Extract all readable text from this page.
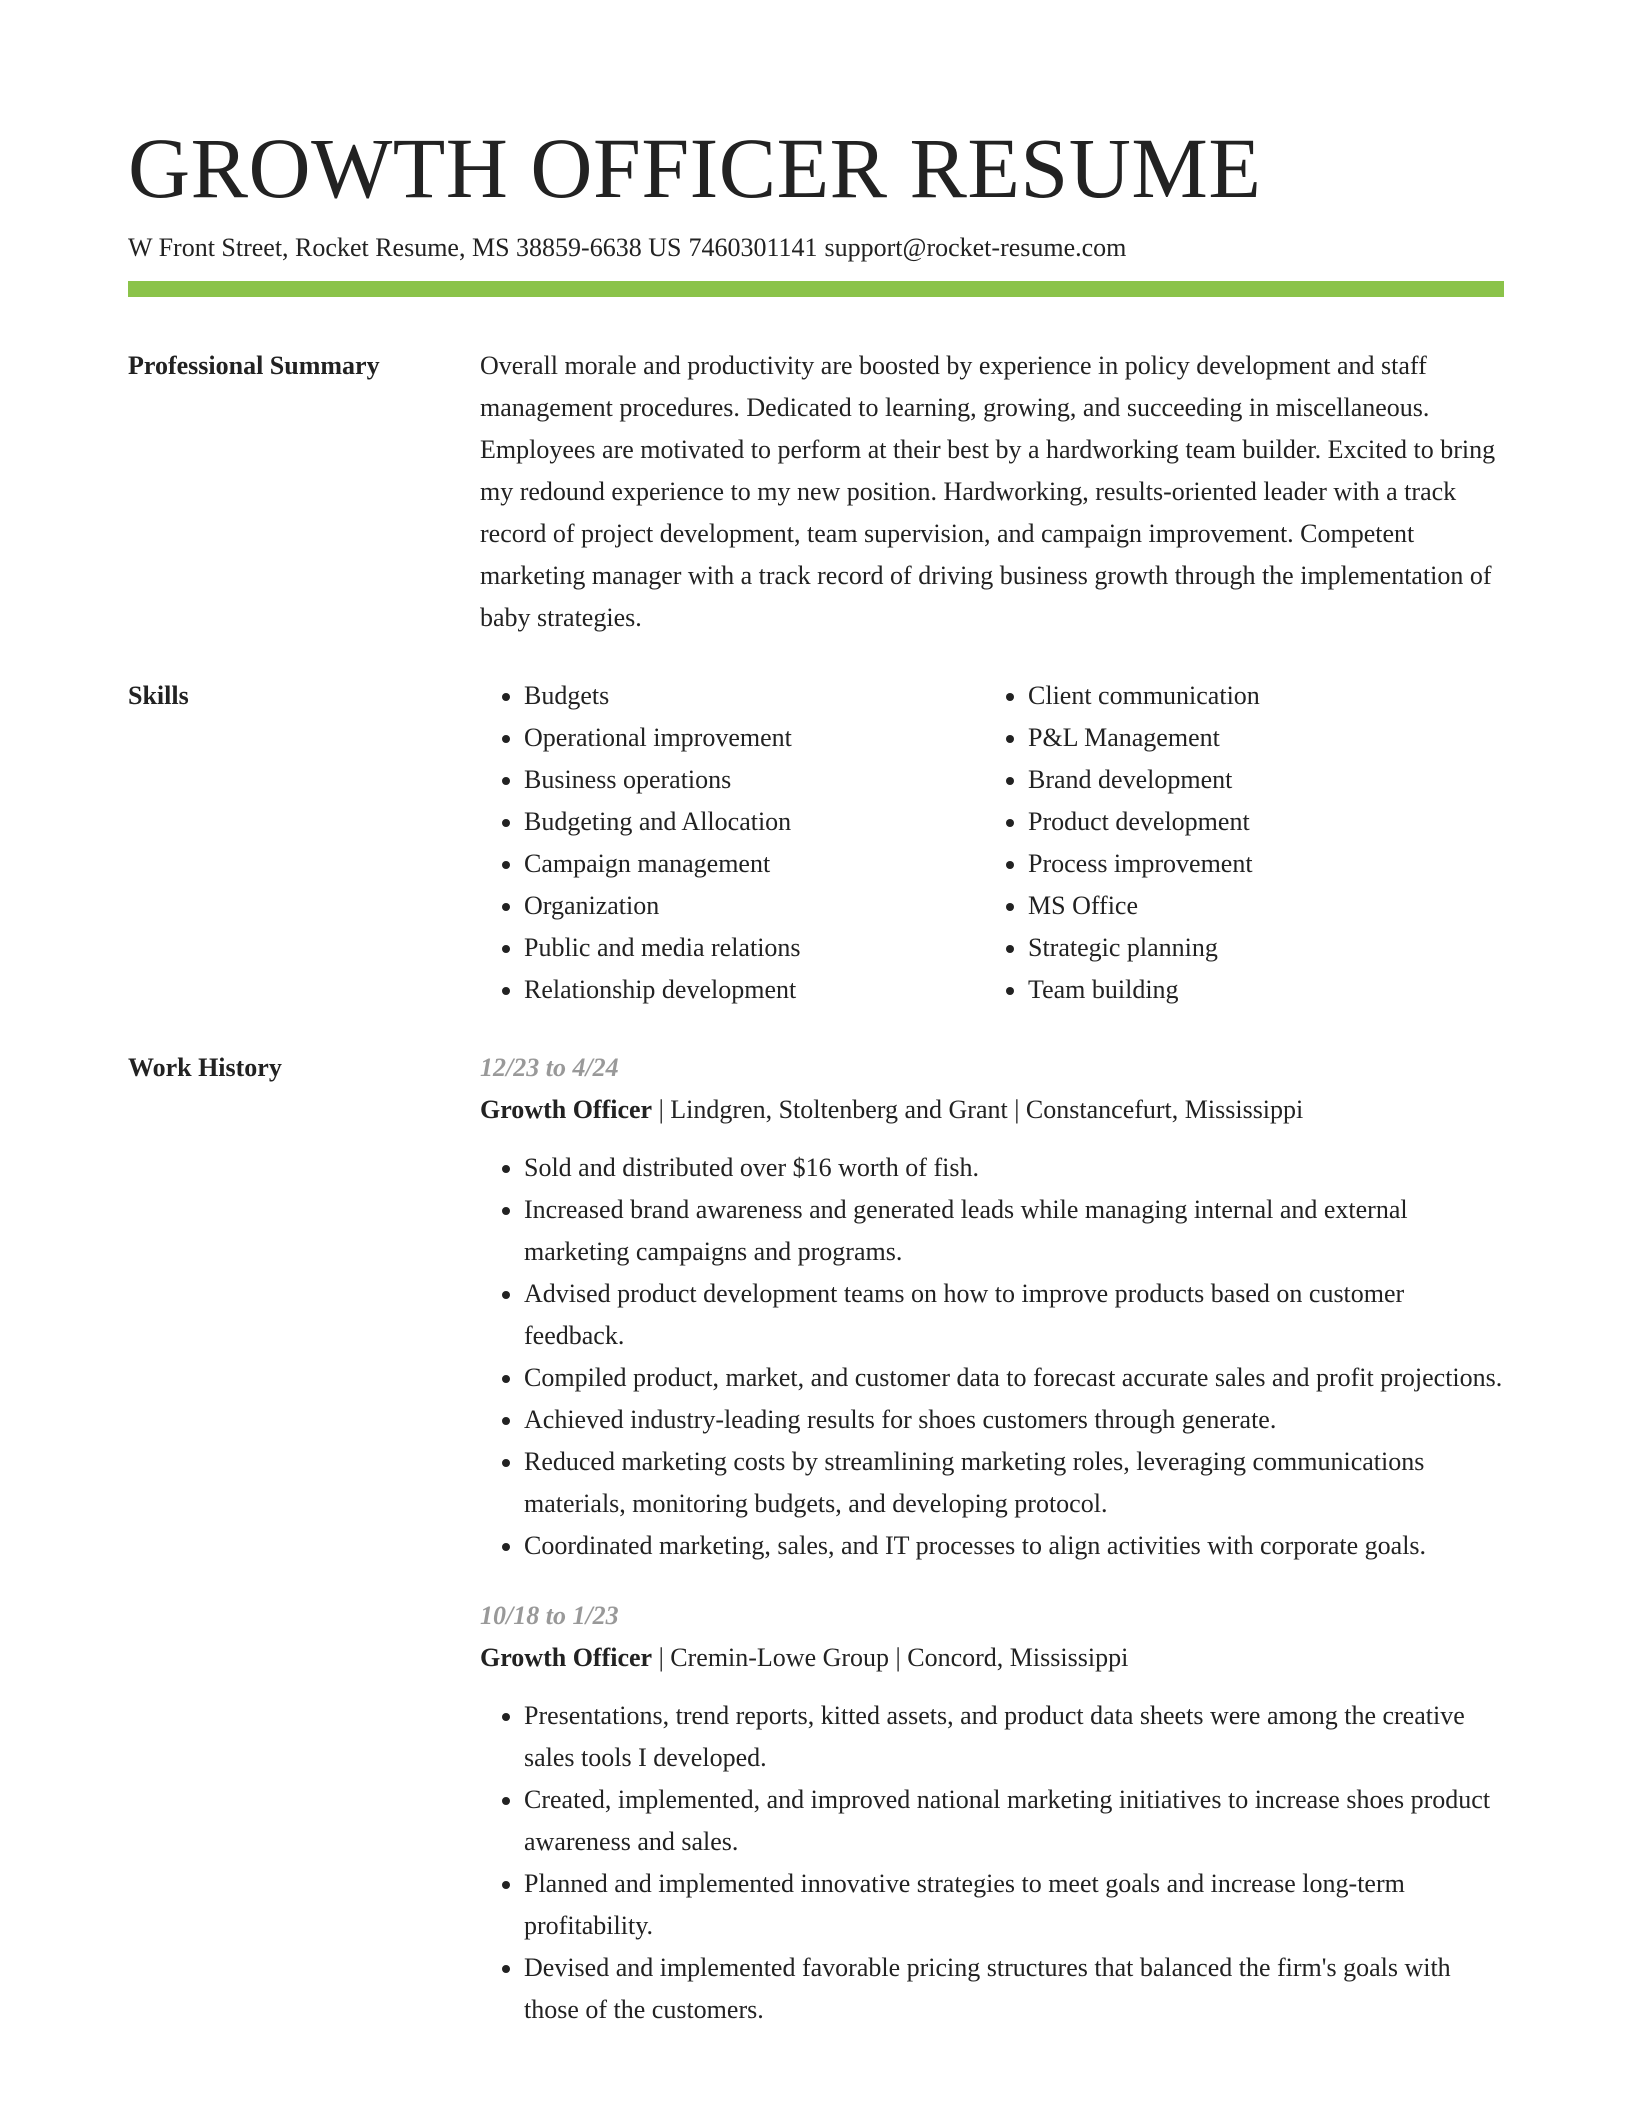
GROWTH OFFICER RESUME
W Front Street, Rocket Resume, MS 38859-6638 US 7460301141 support@rocket-resume.com
Professional Summary	Overall morale and productivity are boosted by experience in policy development and staff management procedures. Dedicated to learning, growing, and succeeding in miscellaneous. Employees are motivated to perform at their best by a hardworking team builder. Excited to bring my redound experience to my new position. Hardworking, results-oriented leader with a track record of project development, team supervision, and campaign improvement. Competent marketing manager with a track record of driving business growth through the implementation of baby strategies.

Skills
•	Budgets
• Operational improvement
• Business operations
• Budgeting and Allocation
• Campaign management
• Organization
• Public and media relations
• Relationship development
• Client communication
• P&L Management
• Brand development
• Product development
• Process improvement
• MS Office
• Strategic planning
• Team building
Work History	12/23 to 4/24
Growth Officer | Lindgren, Stoltenberg and Grant | Constancefurt, Mississippi
• Sold and distributed over $16 worth of fish.
• Increased brand awareness and generated leads while managing internal and external marketing campaigns and programs.
• Advised product development teams on how to improve products based on customer feedback.
• Compiled product, market, and customer data to forecast accurate sales and profit projections.
• Achieved industry-leading results for shoes customers through generate.
• Reduced marketing costs by streamlining marketing roles, leveraging communications materials, monitoring budgets, and developing protocol.
• Coordinated marketing, sales, and IT processes to align activities with corporate goals.
10/18 to 1/23
Growth Officer | Cremin-Lowe Group | Concord, Mississippi
• Presentations, trend reports, kitted assets, and product data sheets were among the creative sales tools I developed.
• Created, implemented, and improved national marketing initiatives to increase shoes product awareness and sales.
• Planned and implemented innovative strategies to meet goals and increase long-term profitability.
• Devised and implemented favorable pricing structures that balanced the firm's goals with those of the customers.
